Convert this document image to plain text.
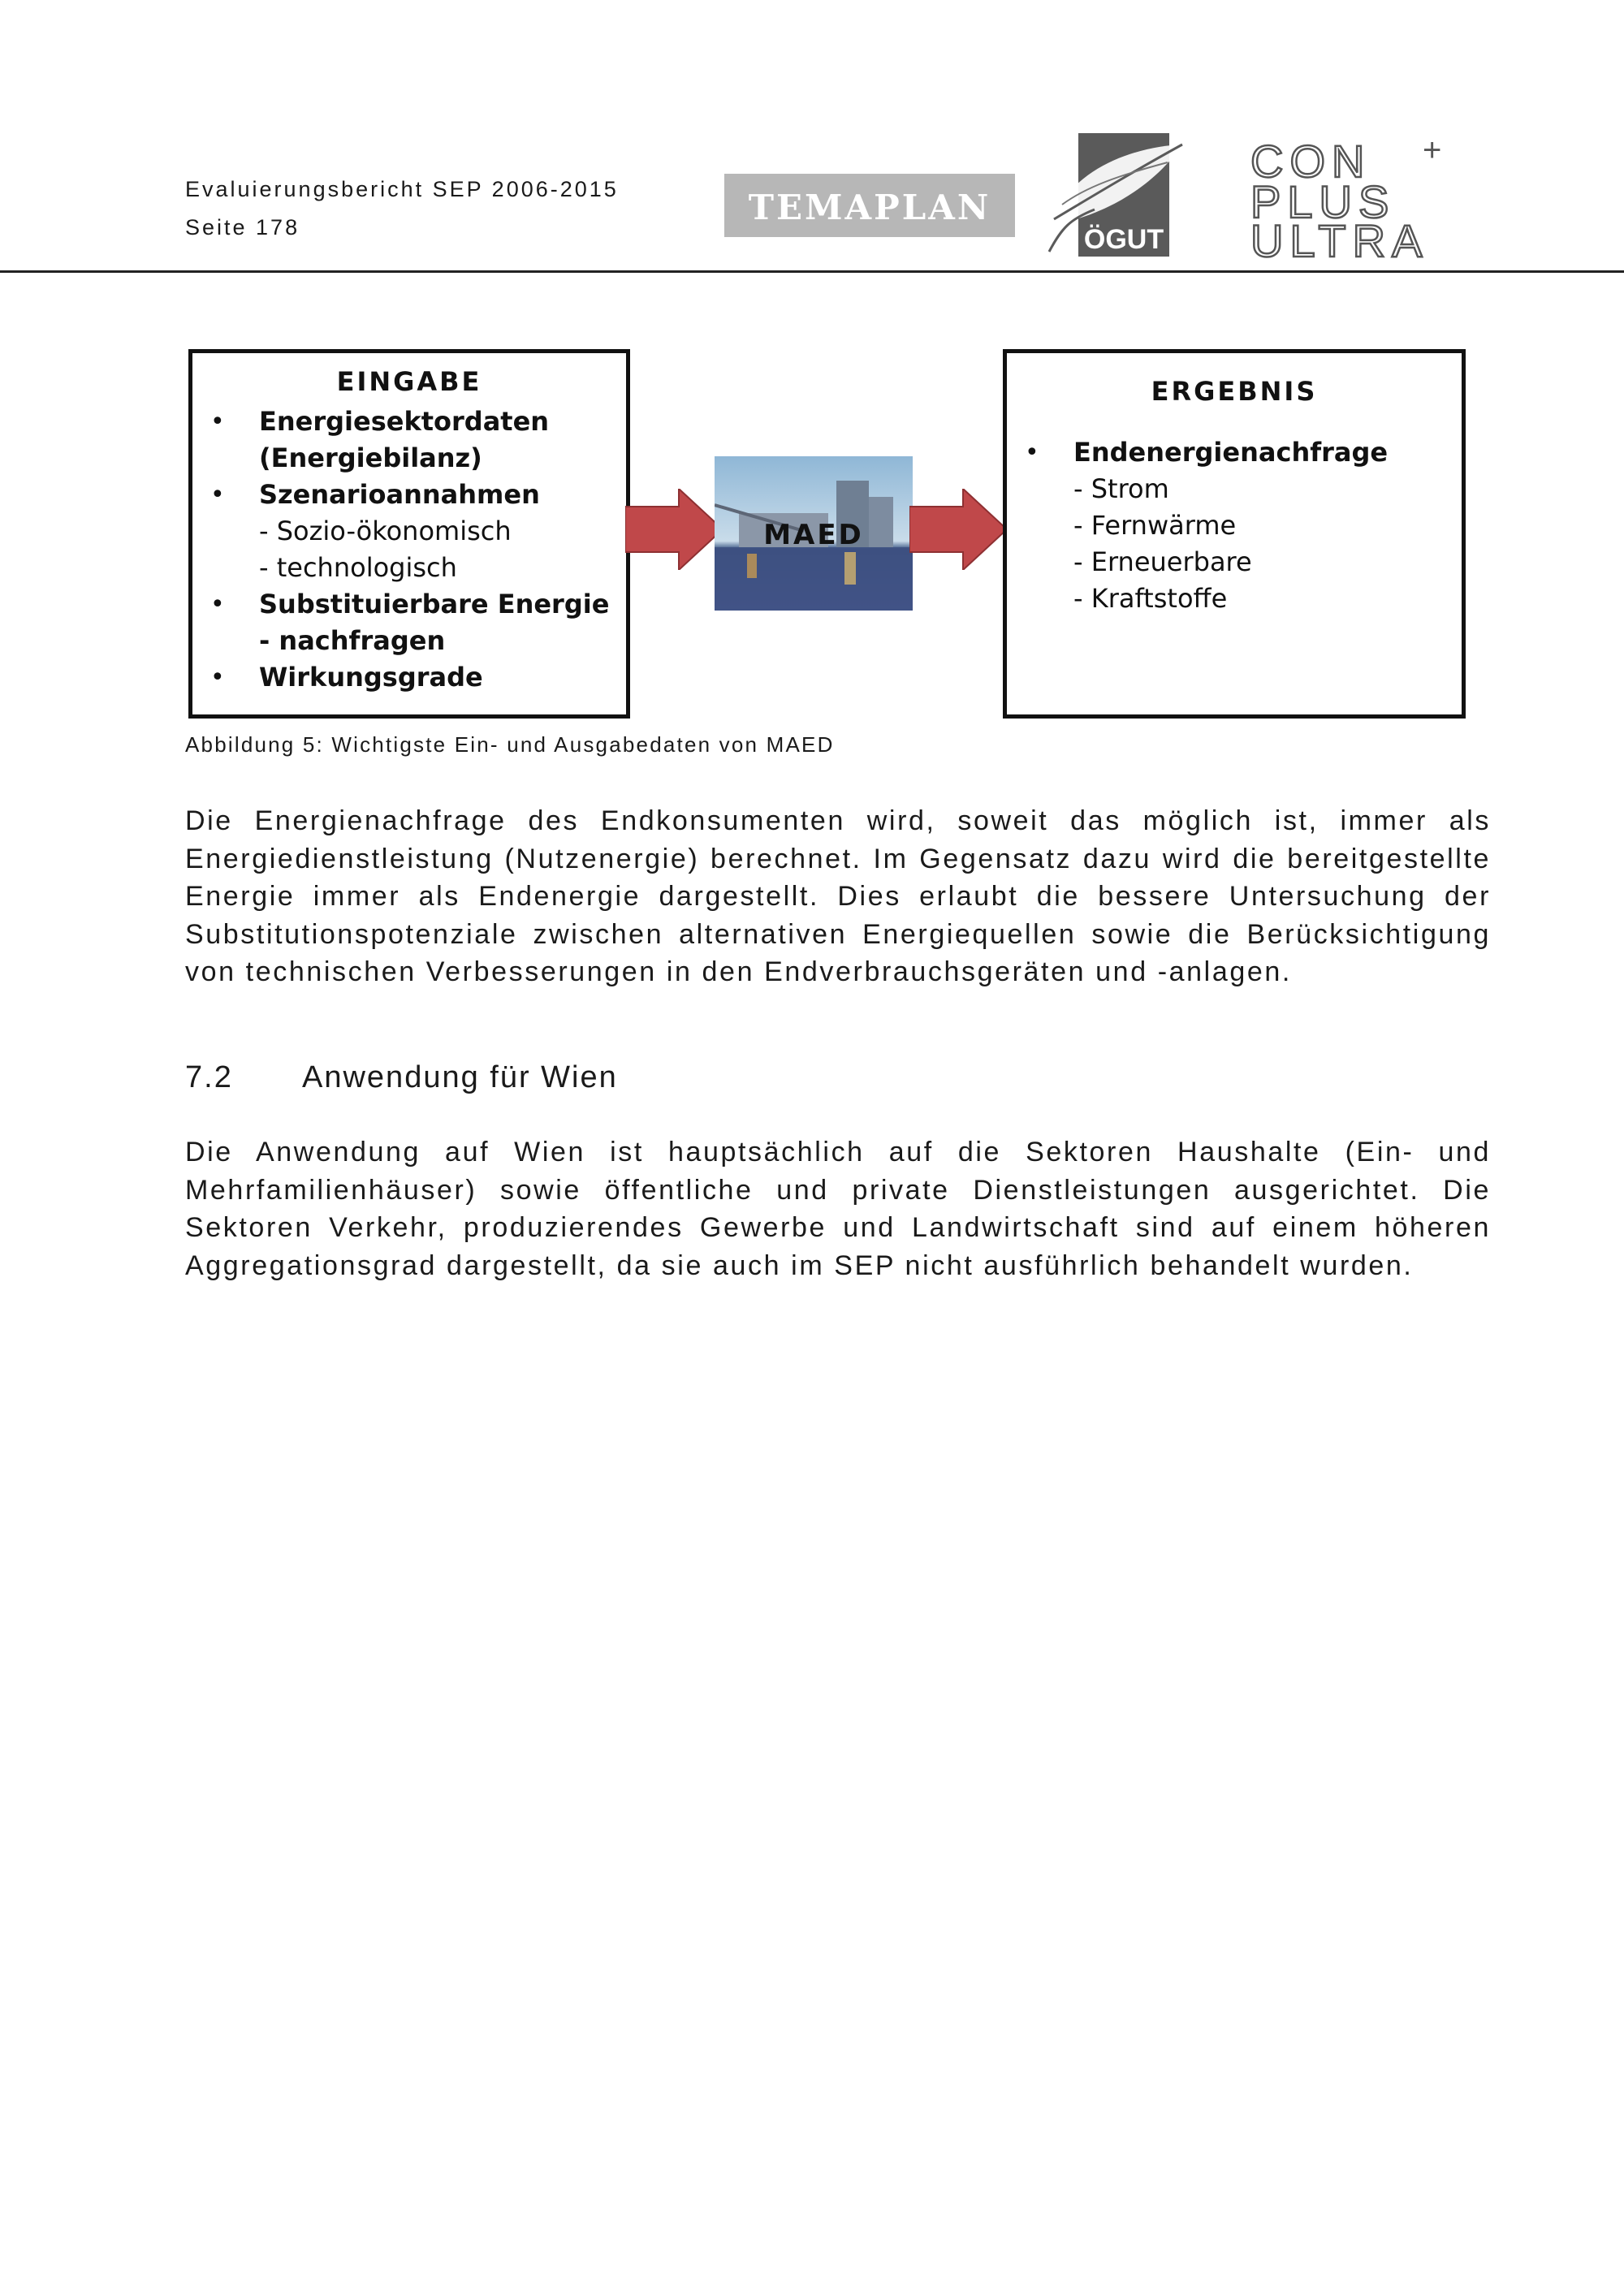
Evaluierungsbericht SEP 2006-2015
Seite 178	TEMAPLAN
ÖGUT
CON
PLUS
ULTRA
+
EINGABE
• Energiesektordaten (Energiebilanz)
• Szenarioannahmen
- Sozio-ökonomisch
- technologisch
• Substituierbare Energie - nachfragen
• Wirkungsgrade
MAED
ERGEBNIS
• Endenergienachfrage
- Strom
- Fernwärme
- Erneuerbare
- Kraftstoffe
Abbildung 5: Wichtigste Ein- und Ausgabedaten von MAED

Die Energienachfrage des Endkonsumenten wird, soweit das möglich ist, immer als Energiedienstleistung (Nutzenergie) berechnet. Im Gegensatz dazu wird die bereitgestellte Energie immer als Endenergie dargestellt. Dies erlaubt die bessere Untersuchung der Substitutionspotenziale zwischen alternativen Energiequellen sowie die Berücksichtigung von technischen Verbesserungen in den Endverbrauchsgeräten und -anlagen.

7.2 Anwendung für Wien

Die Anwendung auf Wien ist hauptsächlich auf die Sektoren Haushalte (Ein- und Mehrfamilienhäuser) sowie öffentliche und private Dienstleistungen ausgerichtet. Die Sektoren Verkehr, produzierendes Gewerbe und Landwirtschaft sind auf einem höheren Aggregationsgrad dargestellt, da sie auch im SEP nicht ausführlich behandelt wurden.
